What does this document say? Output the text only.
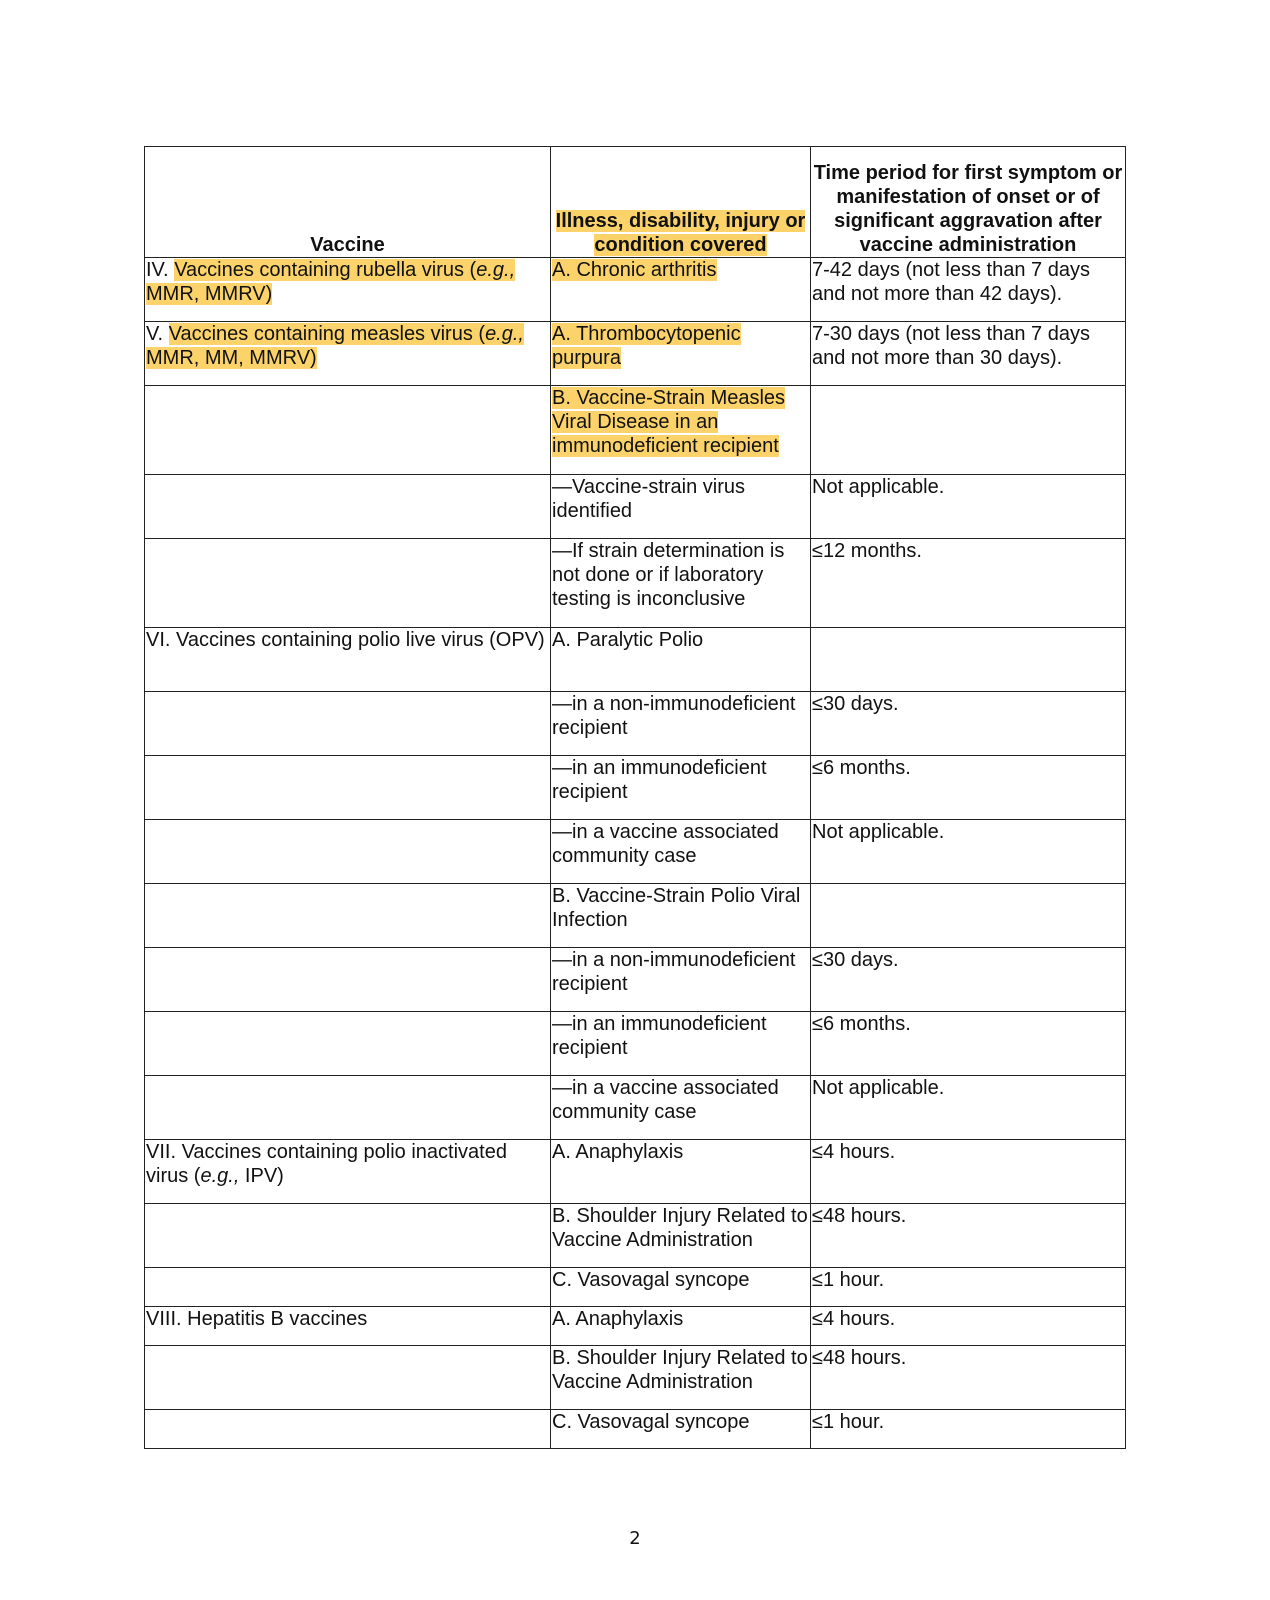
Vaccine	Illness, disability, injury or condition covered	Time period for first symptom or manifestation of onset or of significant aggravation after vaccine administration
IV. Vaccines containing rubella virus (e.g., MMR, MMRV)	A. Chronic arthritis	7-42 days (not less than 7 days and not more than 42 days).
V. Vaccines containing measles virus (e.g., MMR, MM, MMRV)	A. Thrombocytopenic purpura	7-30 days (not less than 7 days and not more than 30 days).
	B. Vaccine-Strain Measles Viral Disease in an immunodeficient recipient	
	—Vaccine-strain virus identified	Not applicable.
	—If strain determination is not done or if laboratory testing is inconclusive	≤12 months.
VI. Vaccines containing polio live virus (OPV)	A. Paralytic Polio	
	—in a non-immunodeficient recipient	≤30 days.
	—in an immunodeficient recipient	≤6 months.
	—in a vaccine associated community case	Not applicable.
	B. Vaccine-Strain Polio Viral Infection	
	—in a non-immunodeficient recipient	≤30 days.
	—in an immunodeficient recipient	≤6 months.
	—in a vaccine associated community case	Not applicable.
VII. Vaccines containing polio inactivated virus (e.g., IPV)	A. Anaphylaxis	≤4 hours.
	B. Shoulder Injury Related to Vaccine Administration	≤48 hours.
	C. Vasovagal syncope	≤1 hour.
VIII. Hepatitis B vaccines	A. Anaphylaxis	≤4 hours.
	B. Shoulder Injury Related to Vaccine Administration	≤48 hours.
	C. Vasovagal syncope	≤1 hour.
2
